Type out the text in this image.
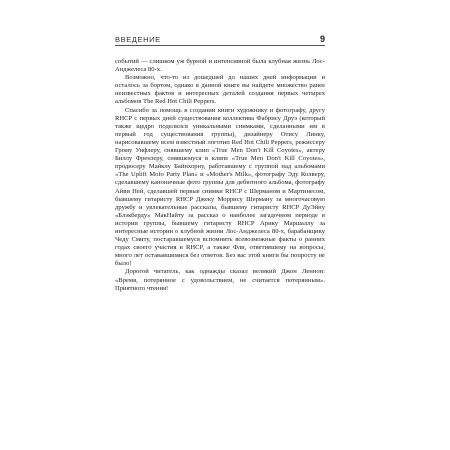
ВВЕДЕНИЕ	9

событий — слишком уж бурной и интенсивной была клубная жизнь Лос-Анджелеса 80-х.

Возможно, что-то из дошедшей до наших дней информации и осталось за бортом, однако в данной книге вы найдете множество ранее неизвестных фактов и интересных деталей создания первых четырех альбомов The Red Hot Chili Peppers.

Спасибо за помощь в создании книги художнику и фотографу, другу RHCP с первых дней существования коллектива Фабрису Друэ (который также щедро поделился уникальными снимками, сделанными им в первый год существования группы), дизайнеру Отису Линку, нарисовавшему всем известный логотип Red Hot Chili Peppers, режиссеру Грому Уифлеру, снявшему клип «True Men Don't Kill Coyotes», актеру Биллу Френзеру, снявшемуся в клипе «True Men Don't Kill Coyotes», продюсеру Майклу Байнхорну, работавшему с группой над альбомами «The Uplift Mofo Party Plan» и «Mother's Milk», фотографу Эду Колверу, сделавшему каноничные фото группы для дебютного альбома, фотографу Айви Ней, сделавшей первые снимки RHCP с Шерманом и Мартинесом, бывшему гитаристу RHCP Джеку Моррису Шерману за многочасовую дружбу и увлекательные рассказы, бывшему гитаристу RHCP ДуЭйну «Блэкберду» МакНайту за рассказ о наиболее загадочном периоде в истории группы, бывшему гитаристу RHCP Арику Маршаллу за интересные истории о клубной жизни Лос-Анджелеса 80-х, барабанщику Чеду Смиту, постаравшемуся вспомнить всевозможные факты о ранних годах своего участия в RHCP, а также Фли, ответившему на вопросы, много лет остававшимися без ответов. Без вас этой книги бы попросту не было!

Дорогой читатель, как однажды сказал великий Джон Леннон: «Время, потерянное с удовольствием, не считается потерянным». Приятного чтения!
